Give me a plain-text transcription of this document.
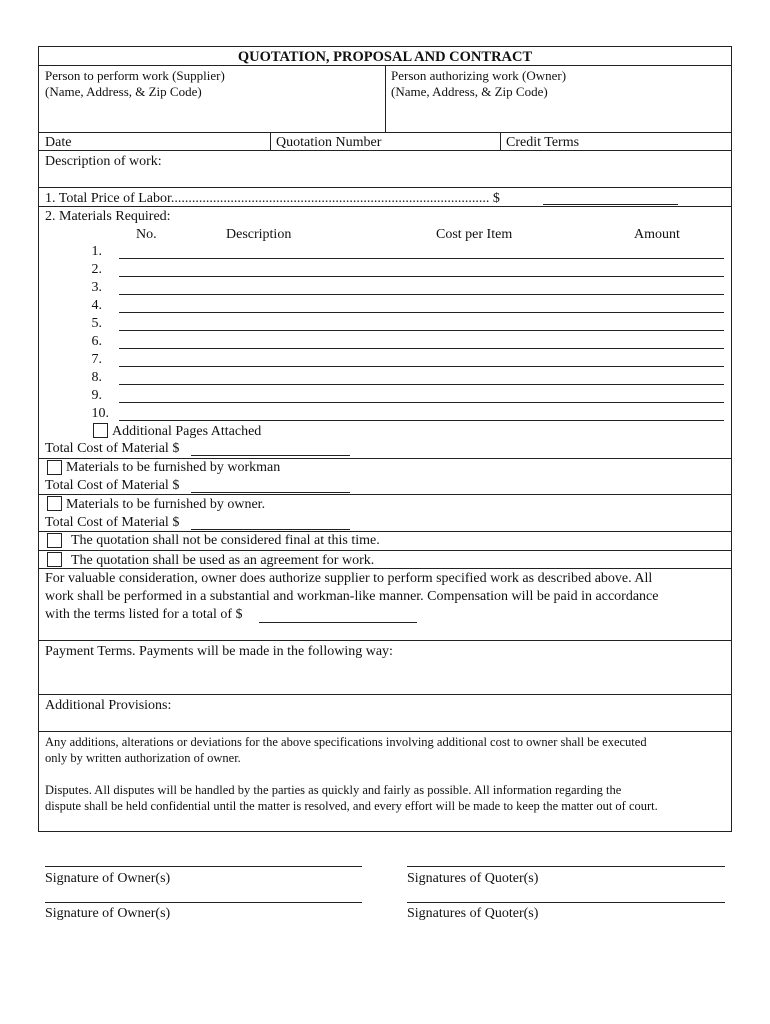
QUOTATION, PROPOSAL AND CONTRACT
Person to perform work (Supplier)
(Name, Address, & Zip Code)
Person authorizing work (Owner)
(Name, Address, & Zip Code)
Date	Quotation Number	Credit Terms
Description of work:
1. Total Price of Labor........................................................................................... $
2. Materials Required:
No.	Description	Cost per Item	Amount
1.
2.
3.
4.
5.
6.
7.
8.
9.
10.
Additional Pages Attached
Total Cost of Material $
Materials to be furnished by workman
Total Cost of Material $
Materials to be furnished by owner.
Total Cost of Material $
The quotation shall not be considered final at this time.
The quotation shall be used as an agreement for work.
For valuable consideration, owner does authorize supplier to perform specified work as described above. All
work shall be performed in a substantial and workman-like manner. Compensation will be paid in accordance
with the terms listed for a total of $
Payment Terms. Payments will be made in the following way:
Additional Provisions:
Any additions, alterations or deviations for the above specifications involving additional cost to owner shall be executed
only by written authorization of owner.
Disputes. All disputes will be handled by the parties as quickly and fairly as possible. All information regarding the
dispute shall be held confidential until the matter is resolved, and every effort will be made to keep the matter out of court.
Signature of Owner(s)	Signatures of Quoter(s)
Signature of Owner(s)	Signatures of Quoter(s)
